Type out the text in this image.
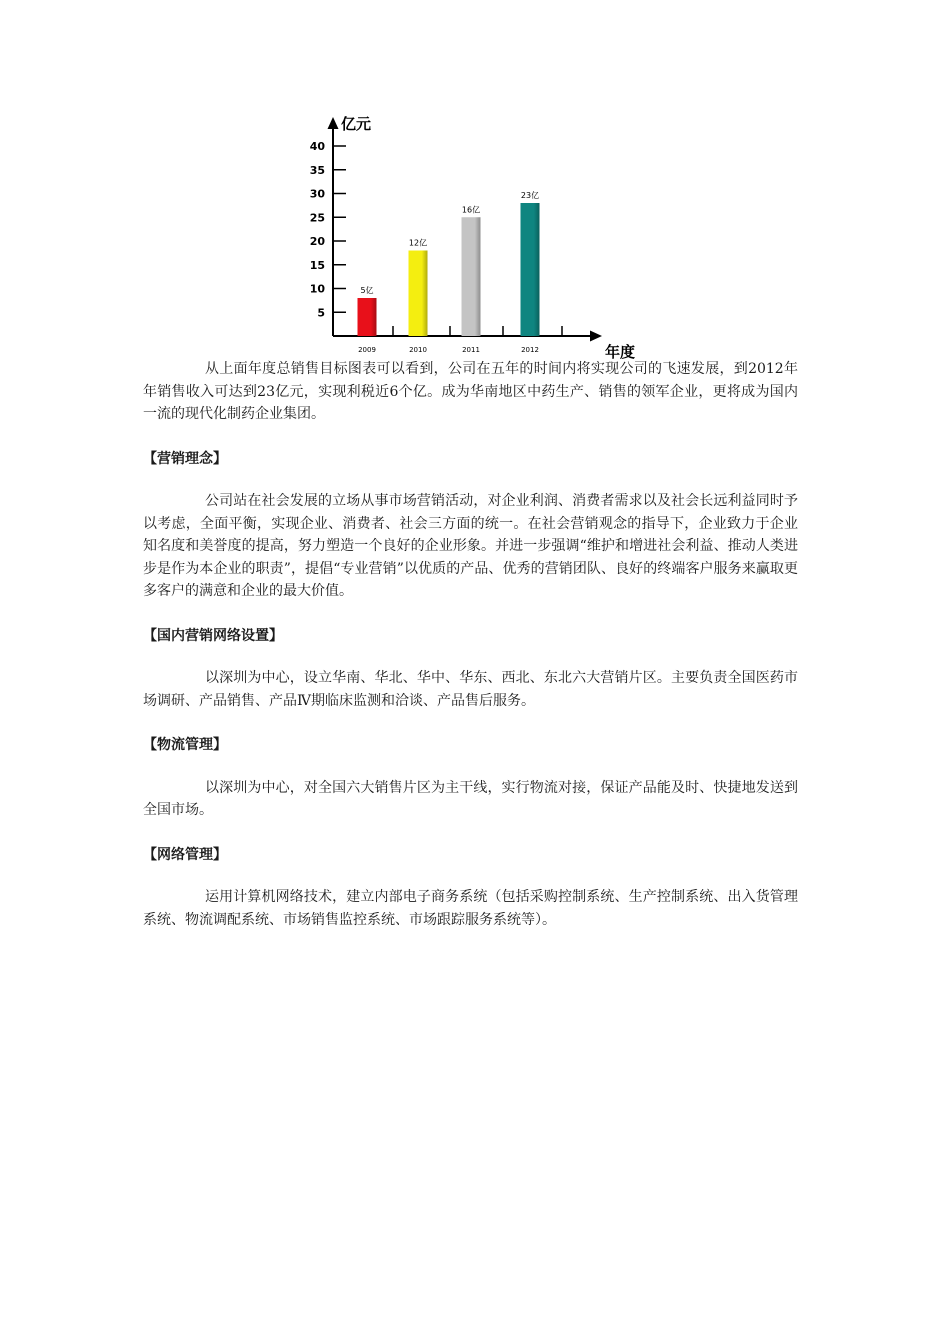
亿元
年度
5
10
15
20
25
30
35
40
5亿
2009
12亿
2010
16亿
2011
23亿
2012

从上面年度总销售目标图表可以看到，公司在五年的时间内将实现公司的飞速发展，到2012年年销售收入可达到23亿元，实现利税近6个亿。成为华南地区中药生产、销售的领军企业，更将成为国内一流的现代化制药企业集团。

【营销理念】

公司站在社会发展的立场从事市场营销活动，对企业利润、消费者需求以及社会长远利益同时予以考虑，全面平衡，实现企业、消费者、社会三方面的统一。在社会营销观念的指导下，企业致力于企业知名度和美誉度的提高，努力塑造一个良好的企业形象。并进一步强调“维护和增进社会利益、推动人类进步是作为本企业的职责”，提倡“专业营销”以优质的产品、优秀的营销团队、良好的终端客户服务来赢取更多客户的满意和企业的最大价值。

【国内营销网络设置】

以深圳为中心，设立华南、华北、华中、华东、西北、东北六大营销片区。主要负责全国医药市场调研、产品销售、产品Ⅳ期临床监测和洽谈、产品售后服务。

【物流管理】

以深圳为中心，对全国六大销售片区为主干线，实行物流对接，保证产品能及时、快捷地发送到全国市场。

【网络管理】

运用计算机网络技术，建立内部电子商务系统（包括采购控制系统、生产控制系统、出入货管理系统、物流调配系统、市场销售监控系统、市场跟踪服务系统等）。
